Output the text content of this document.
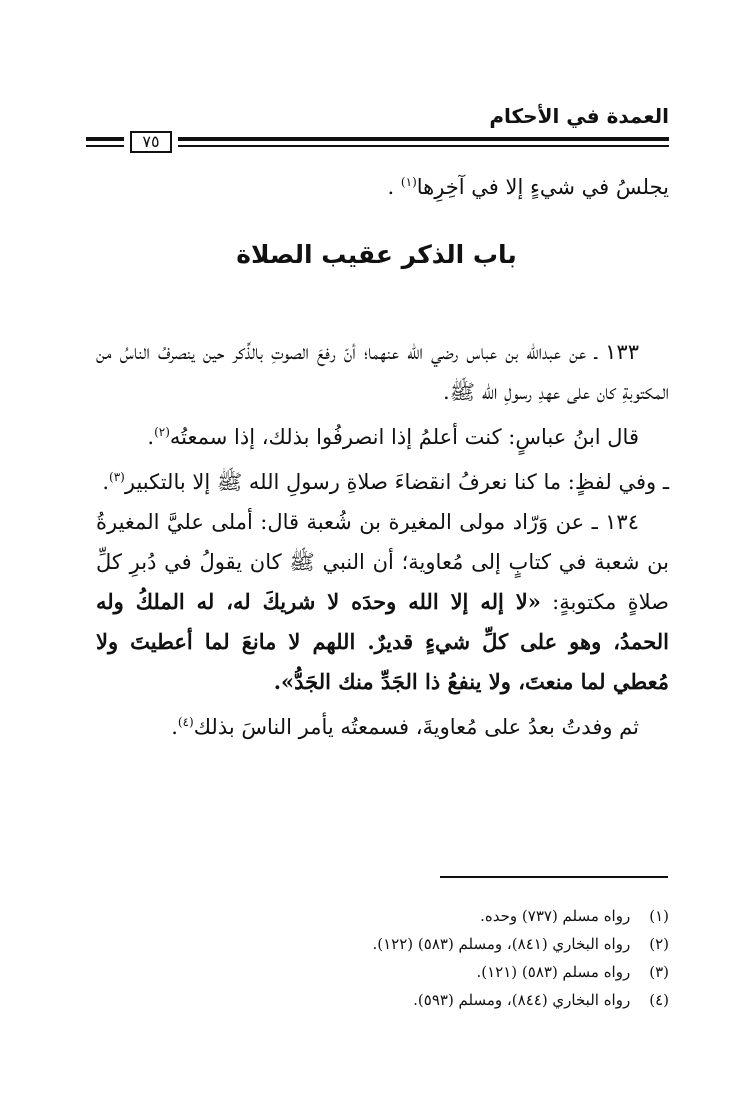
العمدة في الأحكام
٧٥

يجلسُ في شيءٍ إلا في آخِرِها$^{(١)}$ .

باب الذكر عقيب الصلاة

١٣٣ ـ عن عبدالله بن عباس رضي الله عنهما؛ أنّ رفعَ الصوتِ بالذِّكر حين ينصرفُ الناسُ من المكتوبةِ كان على عهدِ رسولِ الله ﷺ.

قال ابنُ عباسٍ: كنت أعلمُ إذا انصرفُوا بذلك، إذا سمعتُه$^{(٢)}$.

ـ وفي لفظٍ: ما كنا نعرفُ انقضاءَ صلاةِ رسولِ الله ﷺ إلا بالتكبير$^{(٣)}$.

١٣٤ ـ عن وَرّاد مولى المغيرة بن شُعبة قال: أملى عليَّ المغيرةُ بن شعبة في كتابٍ إلى مُعاوية؛ أن النبي ﷺ كان يقولُ في دُبرِ كلِّ صلاةٍ مكتوبةٍ: «لا إله إلا الله وحدَه لا شريكَ له، له الملكُ وله الحمدُ، وهو على كلِّ شيءٍ قديرٌ. اللهم لا مانعَ لما أعطيتَ ولا مُعطي لما منعتَ، ولا ينفعُ ذا الجَدِّ منك الجَدُّ».

ثم وفدتُ بعدُ على مُعاويةَ، فسمعتُه يأمر الناسَ بذلك$^{(٤)}$.

(١) رواه مسلم (٧٣٧) وحده.
(٢) رواه البخاري (٨٤١)، ومسلم (٥٨٣) (١٢٢).
(٣) رواه مسلم (٥٨٣) (١٢١).
(٤) رواه البخاري (٨٤٤)، ومسلم (٥٩٣).
